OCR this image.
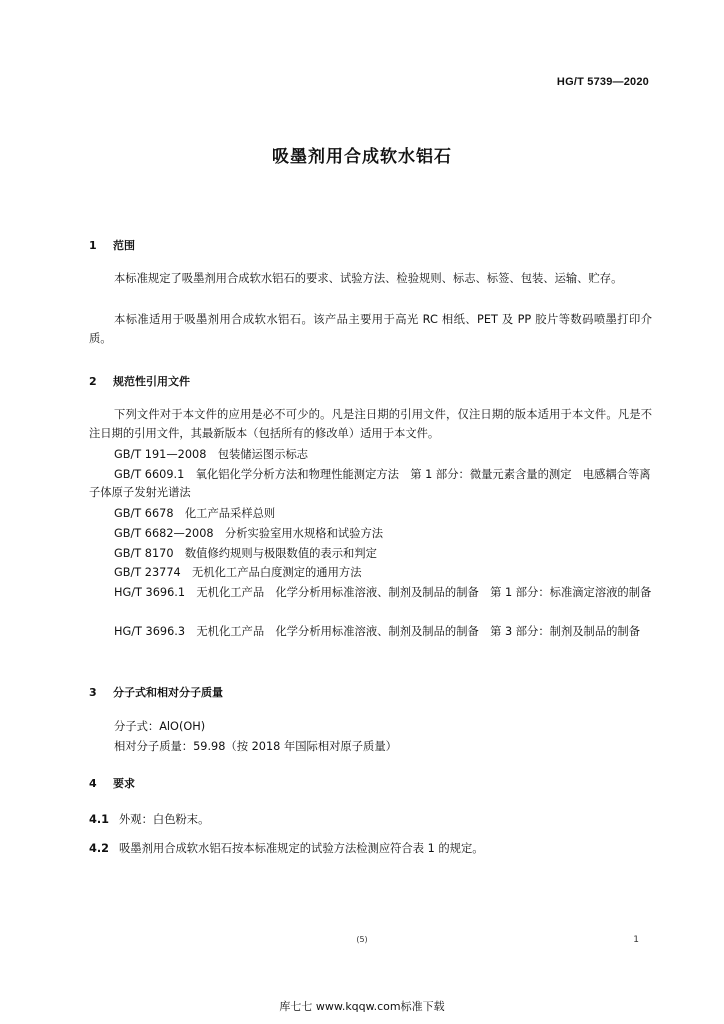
HG/T 5739—2020
吸墨剂用合成软水铝石
1 范围

本标准规定了吸墨剂用合成软水铝石的要求、试验方法、检验规则、标志、标签、包装、运输、贮存。

本标准适用于吸墨剂用合成软水铝石。该产品主要用于高光 RC 相纸、PET 及 PP 胶片等数码喷墨打印介质。

2 规范性引用文件

下列文件对于本文件的应用是必不可少的。凡是注日期的引用文件，仅注日期的版本适用于本文件。凡是不注日期的引用文件，其最新版本（包括所有的修改单）适用于本文件。

GB/T 191—2008　包装储运图示标志

GB/T 6609.1　氧化铝化学分析方法和物理性能测定方法　第 1 部分：微量元素含量的测定　电感耦合等离子体原子发射光谱法

GB/T 6678　化工产品采样总则

GB/T 6682—2008　分析实验室用水规格和试验方法

GB/T 8170　数值修约规则与极限数值的表示和判定

GB/T 23774　无机化工产品白度测定的通用方法

HG/T 3696.1　无机化工产品　化学分析用标准溶液、制剂及制品的制备　第 1 部分：标准滴定溶液的制备

HG/T 3696.3　无机化工产品　化学分析用标准溶液、制剂及制品的制备　第 3 部分：制剂及制品的制备

3 分子式和相对分子质量
分子式：AlO(OH)
相对分子质量：59.98（按 2018 年国际相对原子质量）
4 要求
4.1 外观：白色粉末。
4.2 吸墨剂用合成软水铝石按本标准规定的试验方法检测应符合表 1 的规定。
(5)	1
库七七 www.kqqw.com标准下载
